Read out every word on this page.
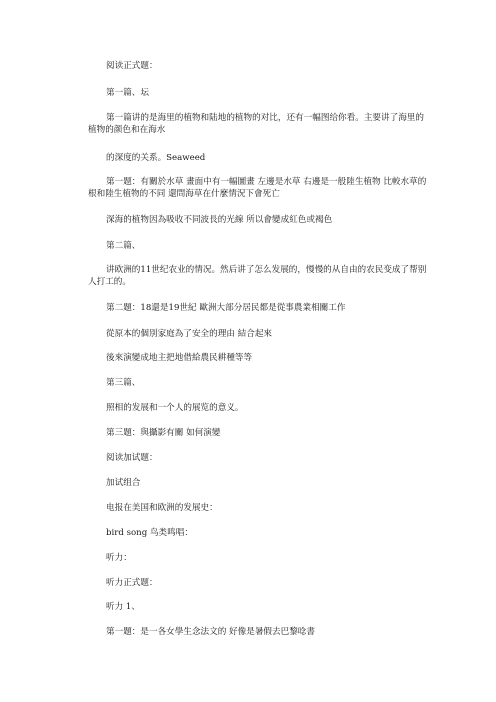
阅读正式题：
第一篇、坛
第一篇讲的是海里的植物和陆地的植物的对比，还有一幅图给你看。主要讲了海里的植物的颜色和在海水
的深度的关系。Seaweed
第一题：有關於水草 畫面中有一幅圖畫 左邊是水草 右邊是一般陸生植物 比較水草的根和陸生植物的不同 還問海草在什麼情況下會死亡
深海的植物因為吸收不同波長的光線 所以會變成紅色或褐色
第二篇、
讲欧洲的11世纪农业的情况。然后讲了怎么发展的，慢慢的从自由的农民变成了帮别人打工的。
第二題：18還是19世紀 歐洲大部分居民都是從事農業相關工作
從原本的個別家庭為了安全的理由 結合起來
後來演變成地主把地借給農民耕種等等
第三篇、
照相的发展和一个人的展览的意义。
第三題：與攝影有關 如何演變
阅读加试题：
加试组合
电报在美国和欧洲的发展史：
bird song 鸟类鸣唱：
听力：
听力正式题：
听力 1、
第一題：是一各女學生念法文的 好像是暑假去巴黎唸書
